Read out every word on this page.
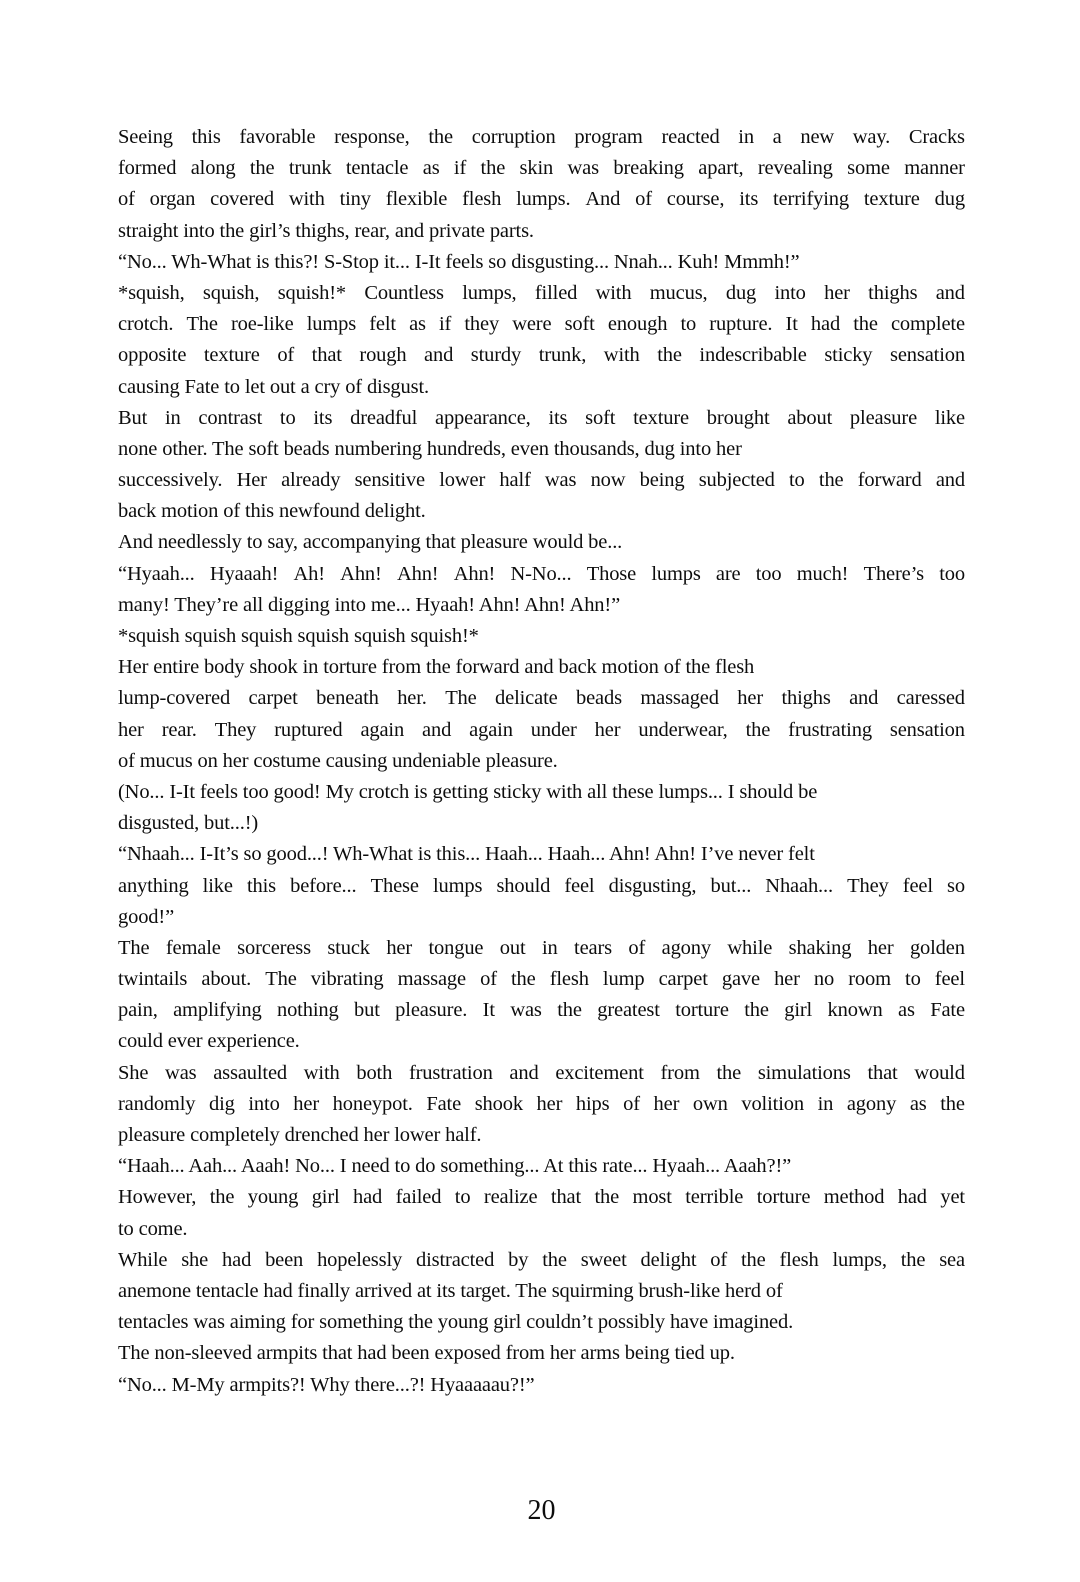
Seeing this favorable response, the corruption program reacted in a new way. Cracks
formed along the trunk tentacle as if the skin was breaking apart, revealing some manner
of organ covered with tiny flexible flesh lumps. And of course, its terrifying texture dug
straight into the girl’s thighs, rear, and private parts.
“No... Wh-What is this?! S-Stop it... I-It feels so disgusting... Nnah... Kuh! Mmmh!”
*squish, squish, squish!* Countless lumps, filled with mucus, dug into her thighs and
crotch. The roe-like lumps felt as if they were soft enough to rupture. It had the complete
opposite texture of that rough and sturdy trunk, with the indescribable sticky sensation
causing Fate to let out a cry of disgust.
But in contrast to its dreadful appearance, its soft texture brought about pleasure like
none other. The soft beads numbering hundreds, even thousands, dug into her
successively. Her already sensitive lower half was now being subjected to the forward and
back motion of this newfound delight.
And needlessly to say, accompanying that pleasure would be...
“Hyaah... Hyaaah! Ah! Ahn! Ahn! Ahn! N-No... Those lumps are too much! There’s too
many! They’re all digging into me... Hyaah! Ahn! Ahn! Ahn!”
*squish squish squish squish squish squish!*
Her entire body shook in torture from the forward and back motion of the flesh
lump-covered carpet beneath her. The delicate beads massaged her thighs and caressed
her rear. They ruptured again and again under her underwear, the frustrating sensation
of mucus on her costume causing undeniable pleasure.
(No... I-It feels too good! My crotch is getting sticky with all these lumps... I should be
disgusted, but...!)
“Nhaah... I-It’s so good...! Wh-What is this... Haah... Haah... Ahn! Ahn! I’ve never felt
anything like this before... These lumps should feel disgusting, but... Nhaah... They feel so
good!”
The female sorceress stuck her tongue out in tears of agony while shaking her golden
twintails about. The vibrating massage of the flesh lump carpet gave her no room to feel
pain, amplifying nothing but pleasure. It was the greatest torture the girl known as Fate
could ever experience.
She was assaulted with both frustration and excitement from the simulations that would
randomly dig into her honeypot. Fate shook her hips of her own volition in agony as the
pleasure completely drenched her lower half.
“Haah... Aah... Aaah! No... I need to do something... At this rate... Hyaah... Aaah?!”
However, the young girl had failed to realize that the most terrible torture method had yet
to come.
While she had been hopelessly distracted by the sweet delight of the flesh lumps, the sea
anemone tentacle had finally arrived at its target. The squirming brush-like herd of
tentacles was aiming for something the young girl couldn’t possibly have imagined.
The non-sleeved armpits that had been exposed from her arms being tied up.
“No... M-My armpits?! Why there...?! Hyaaaaau?!”
20
